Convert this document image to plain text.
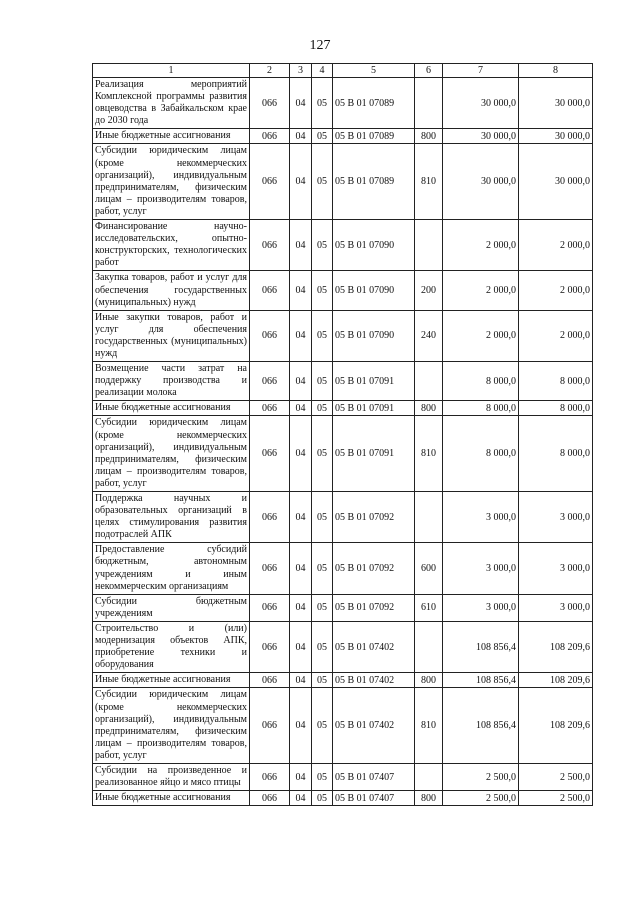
127
1	2	3	4	5	6	7	8
Реализация мероприятий Комплексной программы развития овцеводства в Забайкальском крае до 2030 года	066	04	05	05 В 01 07089		30 000,0	30 000,0
Иные бюджетные ассигнования	066	04	05	05 В 01 07089	800	30 000,0	30 000,0
Субсидии юридическим лицам (кроме некоммерческих организаций), индивидуальным предпринимателям, физическим лицам – производителям товаров, работ, услуг	066	04	05	05 В 01 07089	810	30 000,0	30 000,0
Финансирование научно-исследовательских, опытно-конструкторских, технологических работ	066	04	05	05 В 01 07090		2 000,0	2 000,0
Закупка товаров, работ и услуг для обеспечения государственных (муниципальных) нужд	066	04	05	05 В 01 07090	200	2 000,0	2 000,0
Иные закупки товаров, работ и услуг для обеспечения государственных (муниципальных) нужд	066	04	05	05 В 01 07090	240	2 000,0	2 000,0
Возмещение части затрат на поддержку производства и реализации молока	066	04	05	05 В 01 07091		8 000,0	8 000,0
Иные бюджетные ассигнования	066	04	05	05 В 01 07091	800	8 000,0	8 000,0
Субсидии юридическим лицам (кроме некоммерческих организаций), индивидуальным предпринимателям, физическим лицам – производителям товаров, работ, услуг	066	04	05	05 В 01 07091	810	8 000,0	8 000,0
Поддержка научных и образовательных организаций в целях стимулирования развития подотраслей АПК	066	04	05	05 В 01 07092		3 000,0	3 000,0
Предоставление субсидий бюджетным, автономным учреждениям и иным некоммерческим организациям	066	04	05	05 В 01 07092	600	3 000,0	3 000,0
Субсидии бюджетным учреждениям	066	04	05	05 В 01 07092	610	3 000,0	3 000,0
Строительство и (или) модернизация объектов АПК, приобретение техники и оборудования	066	04	05	05 В 01 07402		108 856,4	108 209,6
Иные бюджетные ассигнования	066	04	05	05 В 01 07402	800	108 856,4	108 209,6
Субсидии юридическим лицам (кроме некоммерческих организаций), индивидуальным предпринимателям, физическим лицам – производителям товаров, работ, услуг	066	04	05	05 В 01 07402	810	108 856,4	108 209,6
Субсидии на произведенное и реализованное яйцо и мясо птицы	066	04	05	05 В 01 07407		2 500,0	2 500,0
Иные бюджетные ассигнования	066	04	05	05 В 01 07407	800	2 500,0	2 500,0
